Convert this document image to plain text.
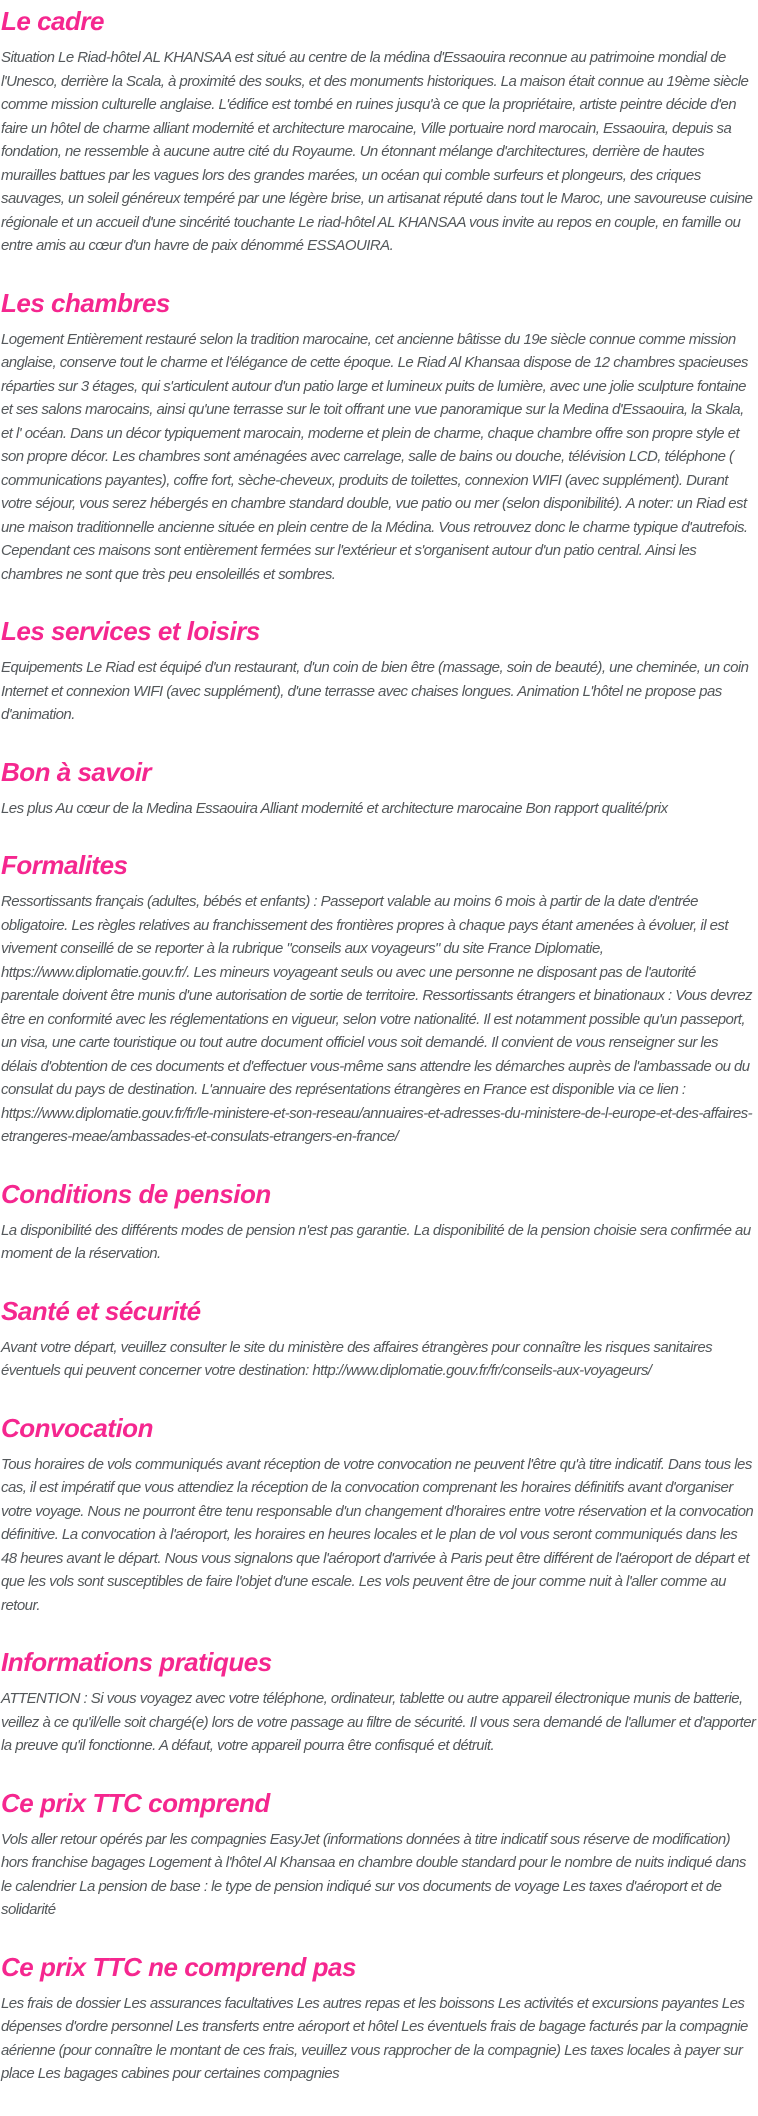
Le cadre

Situation Le Riad-hôtel AL KHANSAA est situé au centre de la médina d'Essaouira reconnue au patrimoine mondial de l'Unesco, derrière la Scala, à proximité des souks, et des monuments historiques. La maison était connue au 19ème siècle comme mission culturelle anglaise. L'édifice est tombé en ruines jusqu'à ce que la propriétaire, artiste peintre décide d'en faire un hôtel de charme alliant modernité et architecture marocaine, Ville portuaire nord marocain, Essaouira, depuis sa fondation, ne ressemble à aucune autre cité du Royaume. Un étonnant mélange d'architectures, derrière de hautes murailles battues par les vagues lors des grandes marées, un océan qui comble surfeurs et plongeurs, des criques sauvages, un soleil généreux tempéré par une légère brise, un artisanat réputé dans tout le Maroc, une savoureuse cuisine régionale et un accueil d'une sincérité touchante Le riad-hôtel AL KHANSAA vous invite au repos en couple, en famille ou entre amis au cœur d'un havre de paix dénommé ESSAOUIRA.

Les chambres

Logement Entièrement restauré selon la tradition marocaine, cet ancienne bâtisse du 19e siècle connue comme mission anglaise, conserve tout le charme et l'élégance de cette époque. Le Riad Al Khansaa dispose de 12 chambres spacieuses réparties sur 3 étages, qui s'articulent autour d'un patio large et lumineux puits de lumière, avec une jolie sculpture fontaine et ses salons marocains, ainsi qu'une terrasse sur le toit offrant une vue panoramique sur la Medina d'Essaouira, la Skala, et l' océan. Dans un décor typiquement marocain, moderne et plein de charme, chaque chambre offre son propre style et son propre décor. Les chambres sont aménagées avec carrelage, salle de bains ou douche, télévision LCD, téléphone ( communications payantes), coffre fort, sèche-cheveux, produits de toilettes, connexion WIFI (avec supplément). Durant votre séjour, vous serez hébergés en chambre standard double, vue patio ou mer (selon disponibilité). A noter: un Riad est une maison traditionnelle ancienne située en plein centre de la Médina. Vous retrouvez donc le charme typique d'autrefois. Cependant ces maisons sont entièrement fermées sur l'extérieur et s'organisent autour d'un patio central. Ainsi les chambres ne sont que très peu ensoleillés et sombres.

Les services et loisirs

Equipements Le Riad est équipé d'un restaurant, d'un coin de bien être (massage, soin de beauté), une cheminée, un coin Internet et connexion WIFI (avec supplément), d'une terrasse avec chaises longues. Animation L'hôtel ne propose pas d'animation.

Bon à savoir

Les plus Au cœur de la Medina Essaouira Alliant modernité et architecture marocaine Bon rapport qualité/prix

Formalites

Ressortissants français (adultes, bébés et enfants) : Passeport valable au moins 6 mois à partir de la date d'entrée obligatoire. Les règles relatives au franchissement des frontières propres à chaque pays étant amenées à évoluer, il est vivement conseillé de se reporter à la rubrique "conseils aux voyageurs" du site France Diplomatie, https://www.diplomatie.gouv.fr/. Les mineurs voyageant seuls ou avec une personne ne disposant pas de l'autorité parentale doivent être munis d'une autorisation de sortie de territoire. Ressortissants étrangers et binationaux : Vous devrez être en conformité avec les réglementations en vigueur, selon votre nationalité. Il est notamment possible qu'un passeport, un visa, une carte touristique ou tout autre document officiel vous soit demandé. Il convient de vous renseigner sur les délais d'obtention de ces documents et d'effectuer vous-même sans attendre les démarches auprès de l'ambassade ou du consulat du pays de destination. L'annuaire des représentations étrangères en France est disponible via ce lien : https://www.diplomatie.gouv.fr/fr/le-ministere-et-son-reseau/annuaires-et-adresses-du-ministere-de-l-europe-et-des-affaires-etrangeres-meae/ambassades-et-consulats-etrangers-en-france/

Conditions de pension

La disponibilité des différents modes de pension n'est pas garantie. La disponibilité de la pension choisie sera confirmée au moment de la réservation.

Santé et sécurité

Avant votre départ, veuillez consulter le site du ministère des affaires étrangères pour connaître les risques sanitaires éventuels qui peuvent concerner votre destination: http://www.diplomatie.gouv.fr/fr/conseils-aux-voyageurs/

Convocation

Tous horaires de vols communiqués avant réception de votre convocation ne peuvent l'être qu'à titre indicatif. Dans tous les cas, il est impératif que vous attendiez la réception de la convocation comprenant les horaires définitifs avant d'organiser votre voyage. Nous ne pourront être tenu responsable d'un changement d'horaires entre votre réservation et la convocation définitive. La convocation à l'aéroport, les horaires en heures locales et le plan de vol vous seront communiqués dans les 48 heures avant le départ. Nous vous signalons que l'aéroport d'arrivée à Paris peut être différent de l'aéroport de départ et que les vols sont susceptibles de faire l'objet d'une escale. Les vols peuvent être de jour comme nuit à l'aller comme au retour.

Informations pratiques

ATTENTION : Si vous voyagez avec votre téléphone, ordinateur, tablette ou autre appareil électronique munis de batterie, veillez à ce qu'il/elle soit chargé(e) lors de votre passage au filtre de sécurité. Il vous sera demandé de l'allumer et d'apporter la preuve qu'il fonctionne. A défaut, votre appareil pourra être confisqué et détruit.

Ce prix TTC comprend

Vols aller retour opérés par les compagnies EasyJet (informations données à titre indicatif sous réserve de modification) hors franchise bagages Logement à l'hôtel Al Khansaa en chambre double standard pour le nombre de nuits indiqué dans le calendrier La pension de base : le type de pension indiqué sur vos documents de voyage Les taxes d'aéroport et de solidarité

Ce prix TTC ne comprend pas

Les frais de dossier Les assurances facultatives Les autres repas et les boissons Les activités et excursions payantes Les dépenses d'ordre personnel Les transferts entre aéroport et hôtel Les éventuels frais de bagage facturés par la compagnie aérienne (pour connaître le montant de ces frais, veuillez vous rapprocher de la compagnie) Les taxes locales à payer sur place Les bagages cabines pour certaines compagnies
